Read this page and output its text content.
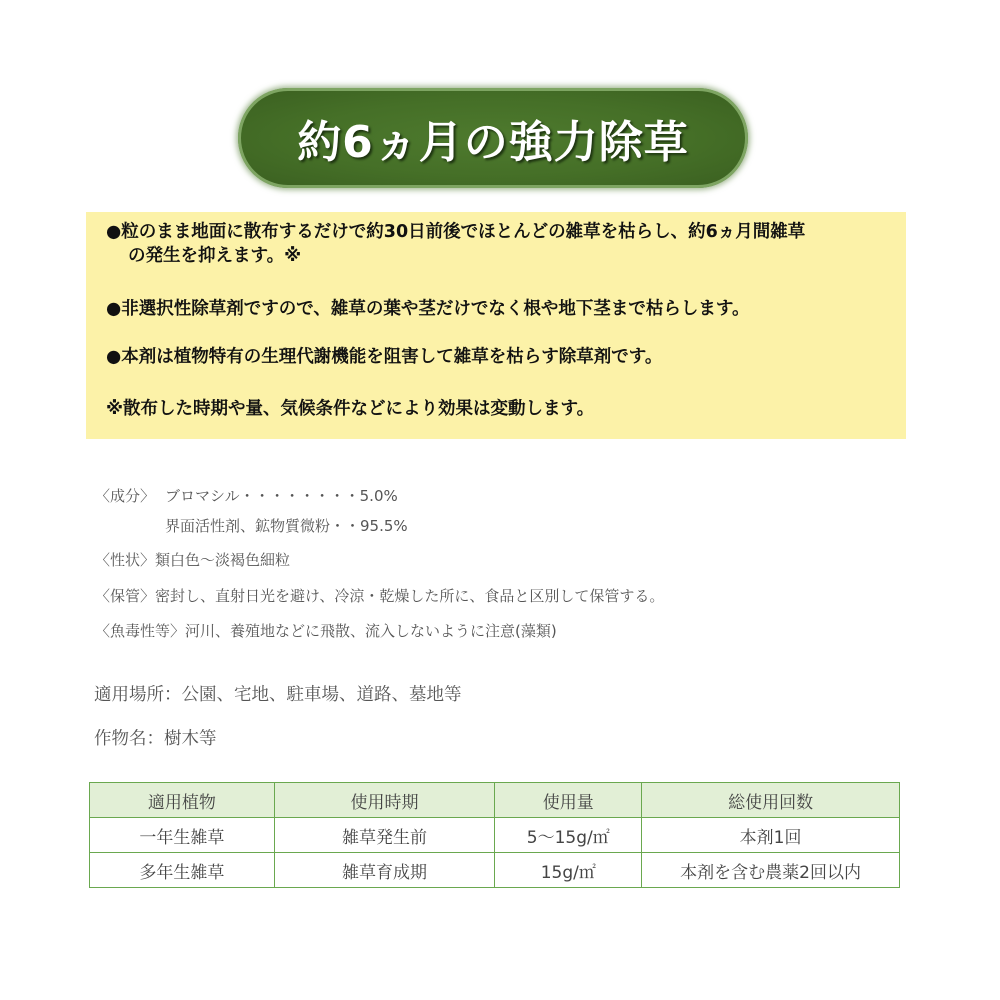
約6ヵ月の強力除草
●粒のまま地面に散布するだけで約30日前後でほとんどの雑草を枯らし、約6ヵ月間雑草
の発生を抑えます。※
●非選択性除草剤ですので、雑草の葉や茎だけでなく根や地下茎まで枯らします。
●本剤は植物特有の生理代謝機能を阻害して雑草を枯らす除草剤です。
※散布した時期や量、気候条件などにより効果は変動します。
〈成分〉 ブロマシル・・・・・・・・5.0%
界面活性剤、鉱物質微粉・・95.5%
〈性状〉類白色～淡褐色細粒
〈保管〉密封し、直射日光を避け、冷涼・乾燥した所に、食品と区別して保管する。
〈魚毒性等〉河川、養殖地などに飛散、流入しないように注意(藻類)
適用場所：公園、宅地、駐車場、道路、墓地等
作物名：樹木等
適用植物	使用時期	使用量	総使用回数
一年生雑草	雑草発生前	5～15g/㎡	本剤1回
多年生雑草	雑草育成期	15g/㎡	本剤を含む農薬2回以内
